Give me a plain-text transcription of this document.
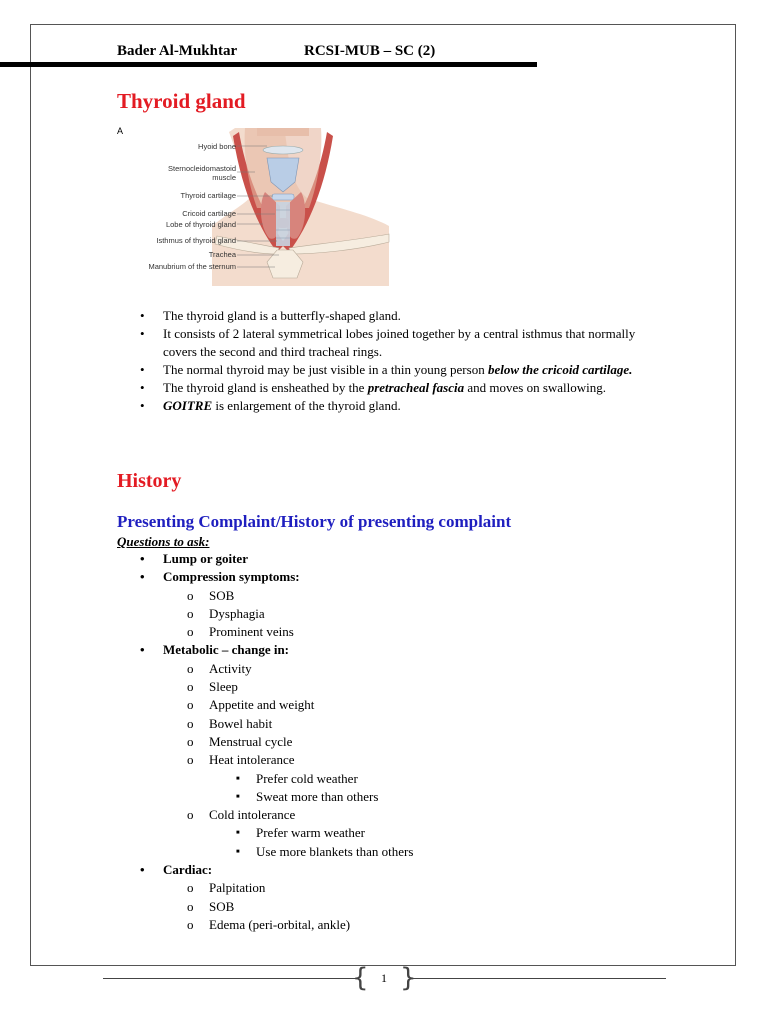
Bader Al-Mukhtar	RCSI-MUB – SC (2)
Thyroid gland
A
Hyoid bone
Sternocleidomastoid
muscle
Thyroid cartilage
Cricoid cartilage
Lobe of thyroid gland
Isthmus of thyroid gland
Trachea
Manubrium of the sternum
• The thyroid gland is a butterfly-shaped gland.
• It consists of 2 lateral symmetrical lobes joined together by a central isthmus that normally covers the second and third tracheal rings.
• The normal thyroid may be just visible in a thin young person below the cricoid cartilage.
• The thyroid gland is ensheathed by the pretracheal fascia and moves on swallowing.
• GOITRE is enlargement of the thyroid gland.
History
Presenting Complaint/History of presenting complaint
Questions to ask:
• Lump or goiter
• Compression symptoms:
o SOB
o Dysphagia
o Prominent veins
• Metabolic – change in:
o Activity
o Sleep
o Appetite and weight
o Bowel habit
o Menstrual cycle
o Heat intolerance
■ Prefer cold weather
■ Sweat more than others
o Cold intolerance
■ Prefer warm weather
■ Use more blankets than others
• Cardiac:
o Palpitation
o SOB
o Edema (peri-orbital, ankle)
{ }
1
